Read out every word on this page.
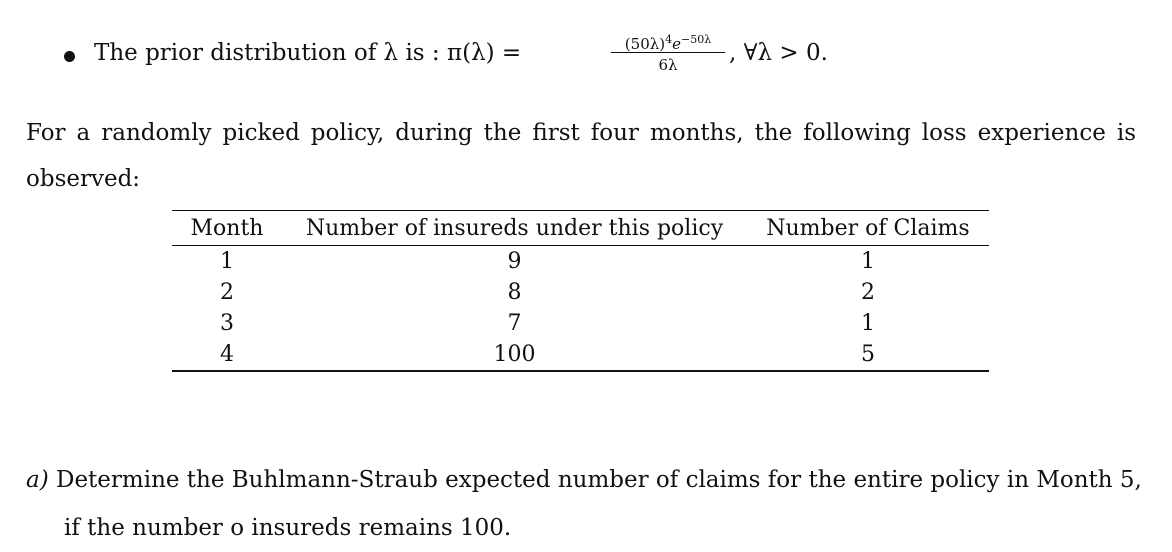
The prior distribution of λ is : π(λ) =	$(50\lambda)^4e^{-50\lambda}$
6λ	, ∀λ > 0.
For a randomly picked policy, during the first four months, the following loss experience is
observed:
Month	Number of insureds under this policy	Number of Claims
1	9	1
2	8	2
3	7	1
4	100	5
a) Determine the Buhlmann-Straub expected number of claims for the entire policy in Month 5,
if the number o insureds remains 100.
